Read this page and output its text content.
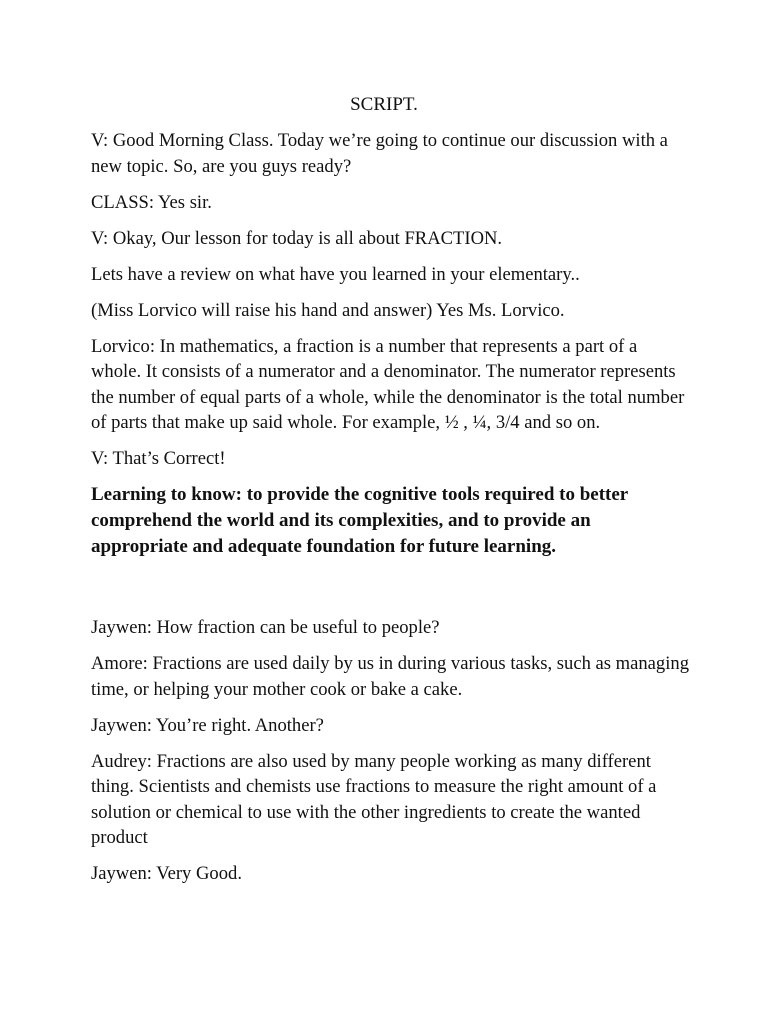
SCRIPT.

V: Good Morning Class. Today we’re going to continue our discussion with a new topic. So, are you guys ready?

CLASS: Yes sir.

V: Okay, Our lesson for today is all about FRACTION.

Lets have a review on what have you learned in your elementary..

(Miss Lorvico will raise his hand and answer) Yes Ms. Lorvico.

Lorvico: In mathematics, a fraction is a number that represents a part of a whole. It consists of a numerator and a denominator. The numerator represents the number of equal parts of a whole, while the denominator is the total number of parts that make up said whole. For example, ½ , ¼, 3/4 and so on.

V: That’s Correct!

Learning to know: to provide the cognitive tools required to better comprehend the world and its complexities, and to provide an appropriate and adequate foundation for future learning.

Jaywen: How fraction can be useful to people?

Amore: Fractions are used daily by us in during various tasks, such as managing time, or helping your mother cook or bake a cake.

Jaywen: You’re right. Another?

Audrey: Fractions are also used by many people working as many different thing. Scientists and chemists use fractions to measure the right amount of a solution or chemical to use with the other ingredients to create the wanted product

Jaywen: Very Good.
